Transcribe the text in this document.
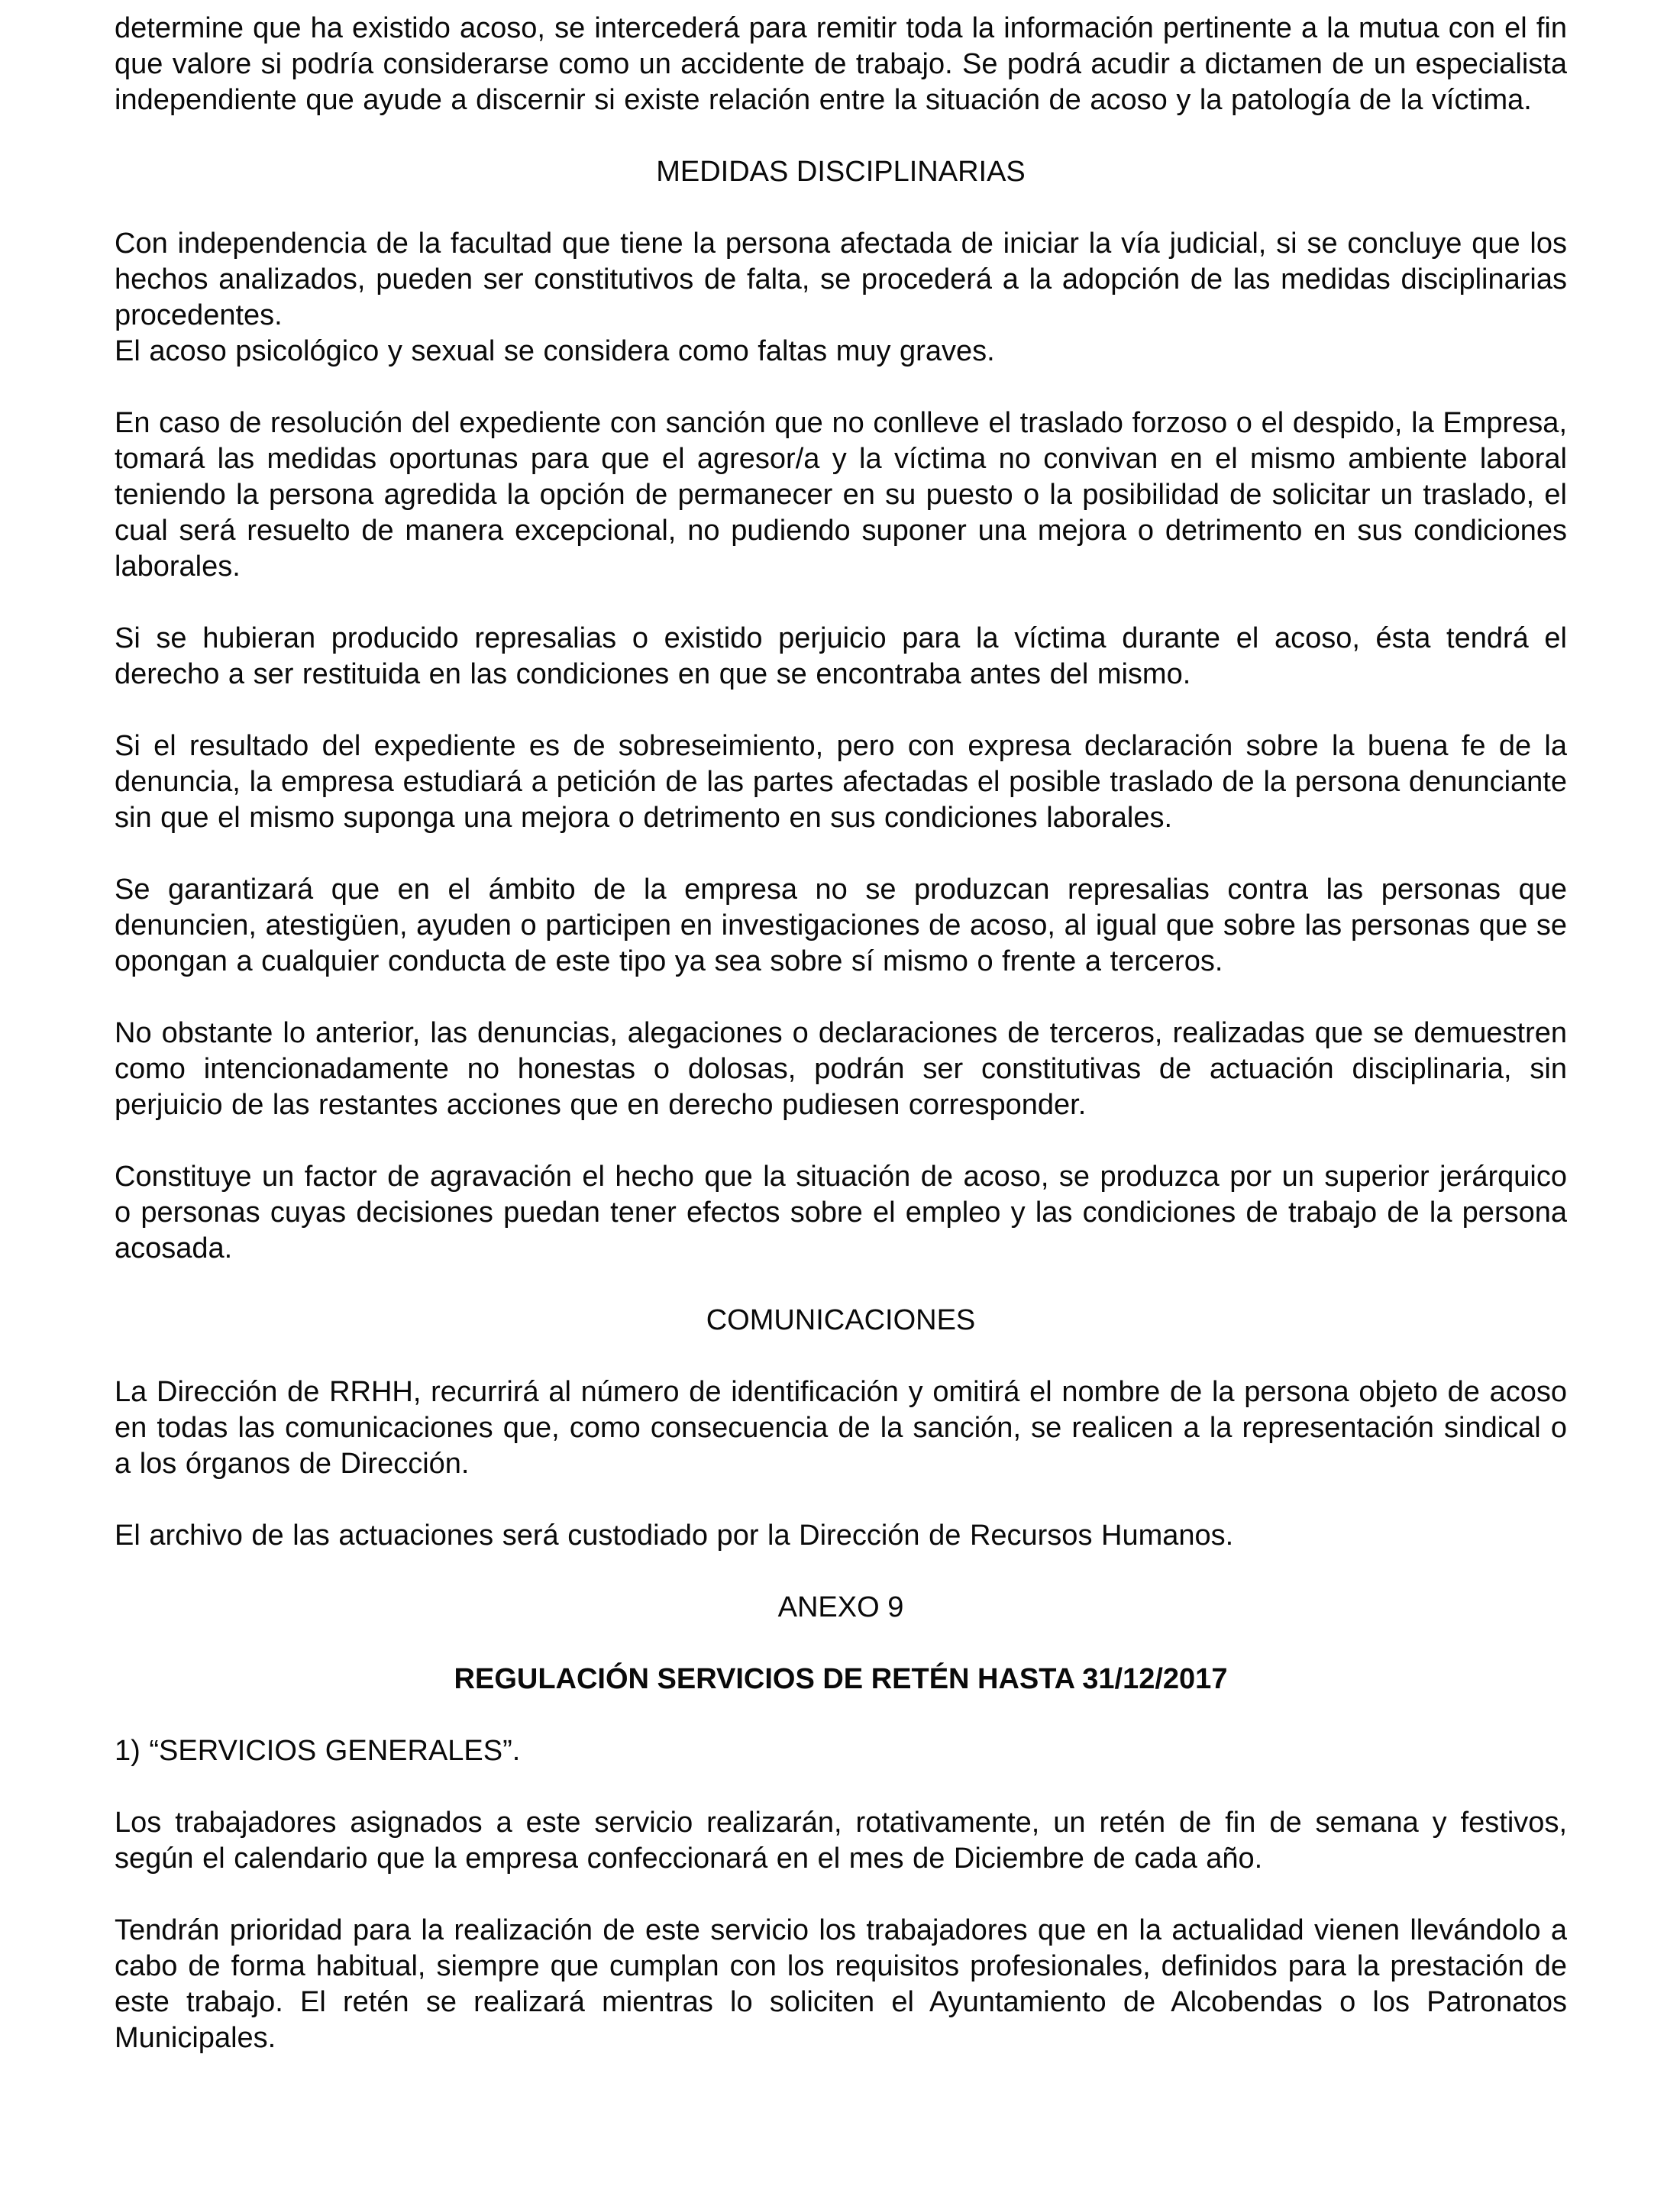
determine que ha existido acoso, se intercederá para remitir toda la información pertinente a la mutua con el fin que valore si podría considerarse como un accidente de trabajo. Se podrá acudir a dictamen de un especialista independiente que ayude a discernir si existe relación entre la situación de acoso y la patología de la víctima.

MEDIDAS DISCIPLINARIAS

Con independencia de la facultad que tiene la persona afectada de iniciar la vía judicial, si se concluye que los hechos analizados, pueden ser constitutivos de falta, se procederá a la adopción de las medidas disciplinarias procedentes.

El acoso psicológico y sexual se considera como faltas muy graves.

En caso de resolución del expediente con sanción que no conlleve el traslado forzoso o el despido, la Empresa, tomará las medidas oportunas para que el agresor/a y la víctima no convivan en el mismo ambiente laboral teniendo la persona agredida la opción de permanecer en su puesto o la posibilidad de solicitar un traslado, el cual será resuelto de manera excepcional, no pudiendo suponer una mejora o detrimento en sus condiciones laborales.

Si se hubieran producido represalias o existido perjuicio para la víctima durante el acoso, ésta tendrá el derecho a ser restituida en las condiciones en que se encontraba antes del mismo.

Si el resultado del expediente es de sobreseimiento, pero con expresa declaración sobre la buena fe de la denuncia, la empresa estudiará a petición de las partes afectadas el posible traslado de la persona denunciante sin que el mismo suponga una mejora o detrimento en sus condiciones laborales.

Se garantizará que en el ámbito de la empresa no se produzcan represalias contra las personas que denuncien, atestigüen, ayuden o participen en investigaciones de acoso, al igual que sobre las personas que se opongan a cualquier conducta de este tipo ya sea sobre sí mismo o frente a terceros.

No obstante lo anterior, las denuncias, alegaciones o declaraciones de terceros, realizadas que se demuestren como intencionadamente no honestas o dolosas, podrán ser constitutivas de actuación disciplinaria, sin perjuicio de las restantes acciones que en derecho pudiesen corresponder.

Constituye un factor de agravación el hecho que la situación de acoso, se produzca por un superior jerárquico o personas cuyas decisiones puedan tener efectos sobre el empleo y las condiciones de trabajo de la persona acosada.

COMUNICACIONES

La Dirección de RRHH, recurrirá al número de identificación y omitirá el nombre de la persona objeto de acoso en todas las comunicaciones que, como consecuencia de la sanción, se realicen a la representación sindical o a los órganos de Dirección.

El archivo de las actuaciones será custodiado por la Dirección de Recursos Humanos.

ANEXO 9
REGULACIÓN SERVICIOS DE RETÉN HASTA 31/12/2017

1) “SERVICIOS GENERALES”.

Los trabajadores asignados a este servicio realizarán, rotativamente, un retén de fin de semana y festivos, según el calendario que la empresa confeccionará en el mes de Diciembre de cada año.

Tendrán prioridad para la realización de este servicio los trabajadores que en la actualidad vienen llevándolo a cabo de forma habitual, siempre que cumplan con los requisitos profesionales, definidos para la prestación de este trabajo. El retén se realizará mientras lo soliciten el Ayuntamiento de Alcobendas o los Patronatos Municipales.
